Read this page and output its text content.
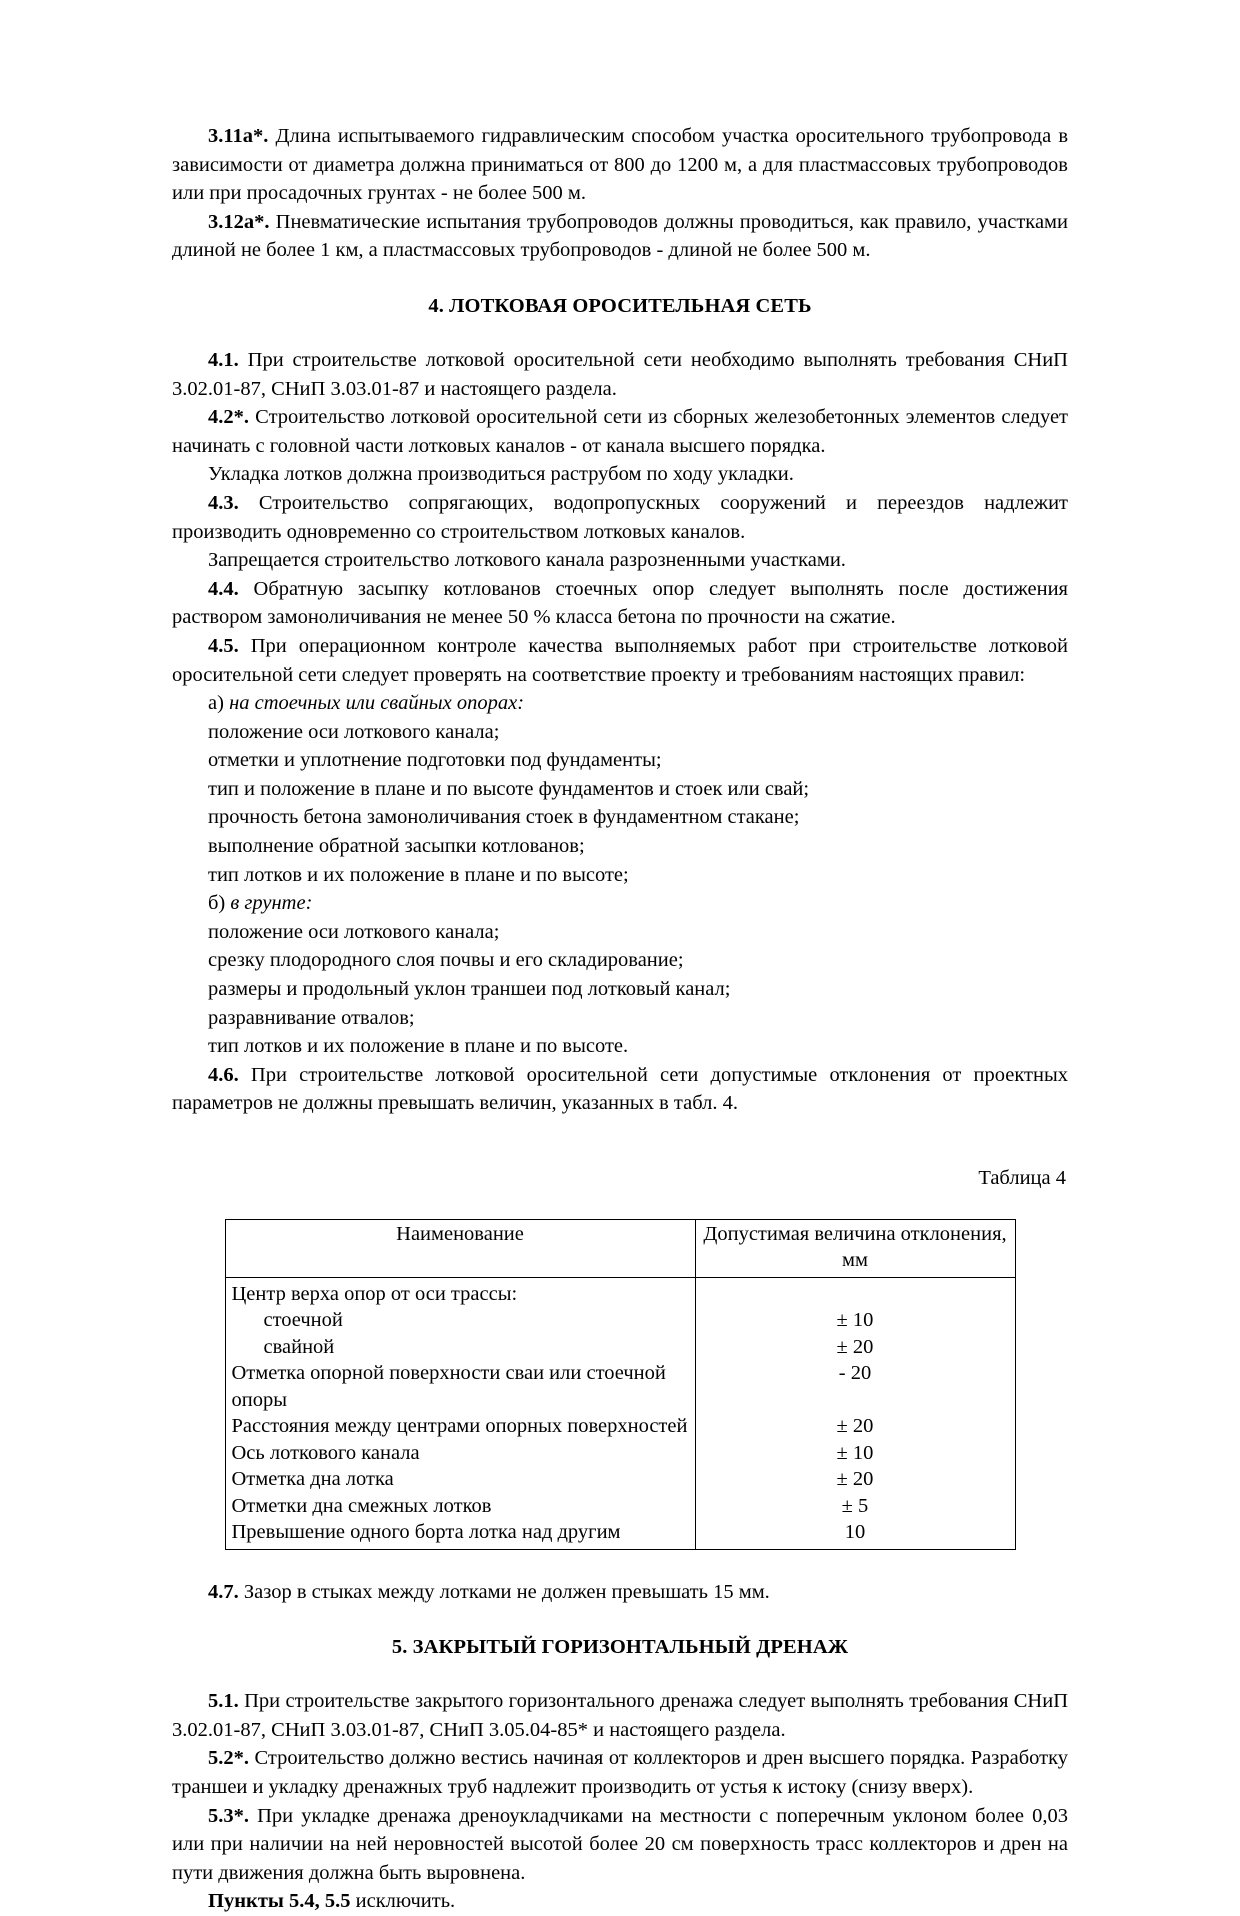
3.11а*. Длина испытываемого гидравлическим способом участка оросительного трубопровода в зависимости от диаметра должна приниматься от 800 до 1200 м, а для пластмассовых трубопроводов или при просадочных грунтах - не более 500 м.

3.12а*. Пневматические испытания трубопроводов должны проводиться, как правило, участками длиной не более 1 км, а пластмассовых трубопроводов - длиной не более 500 м.

4. ЛОТКОВАЯ ОРОСИТЕЛЬНАЯ СЕТЬ

4.1. При строительстве лотковой оросительной сети необходимо выполнять требования СНиП 3.02.01-87, СНиП 3.03.01-87 и настоящего раздела.

4.2*. Строительство лотковой оросительной сети из сборных железобетонных элементов следует начинать с головной части лотковых каналов - от канала высшего порядка.

Укладка лотков должна производиться раструбом по ходу укладки.

4.3. Строительство сопрягающих, водопропускных сооружений и переездов надлежит производить одновременно со строительством лотковых каналов.

Запрещается строительство лоткового канала разрозненными участками.

4.4. Обратную засыпку котлованов стоечных опор следует выполнять после достижения раствором замоноличивания не менее 50 % класса бетона по прочности на сжатие.

4.5. При операционном контроле качества выполняемых работ при строительстве лотковой оросительной сети следует проверять на соответствие проекту и требованиям настоящих правил:

а) на стоечных или свайных опорах:

положение оси лоткового канала;

отметки и уплотнение подготовки под фундаменты;

тип и положение в плане и по высоте фундаментов и стоек или свай;

прочность бетона замоноличивания стоек в фундаментном стакане;

выполнение обратной засыпки котлованов;

тип лотков и их положение в плане и по высоте;

б) в грунте:

положение оси лоткового канала;

срезку плодородного слоя почвы и его складирование;

размеры и продольный уклон траншеи под лотковый канал;

разравнивание отвалов;

тип лотков и их положение в плане и по высоте.

4.6. При строительстве лотковой оросительной сети допустимые отклонения от проектных параметров не должны превышать величин, указанных в табл. 4.

Таблица 4

Наименование	Допустимая величина отклонения, мм
Центр верха опор от оси трассы:	
стоечной	± 10
свайной	± 20
Отметка опорной поверхности сваи или стоечной опоры	- 20
Расстояния между центрами опорных поверхностей	± 20
Ось лоткового канала	± 10
Отметка дна лотка	± 20
Отметки дна смежных лотков	± 5
Превышение одного борта лотка над другим	10

4.7. Зазор в стыках между лотками не должен превышать 15 мм.

5. ЗАКРЫТЫЙ ГОРИЗОНТАЛЬНЫЙ ДРЕНАЖ

5.1. При строительстве закрытого горизонтального дренажа следует выполнять требования СНиП 3.02.01-87, СНиП 3.03.01-87, СНиП 3.05.04-85* и настоящего раздела.

5.2*. Строительство должно вестись начиная от коллекторов и дрен высшего порядка. Разработку траншеи и укладку дренажных труб надлежит производить от устья к истоку (снизу вверх).

5.3*. При укладке дренажа дреноукладчиками на местности с поперечным уклоном более 0,03 или при наличии на ней неровностей высотой более 20 см поверхность трасс коллекторов и дрен на пути движения должна быть выровнена.

Пункты 5.4, 5.5 исключить.
